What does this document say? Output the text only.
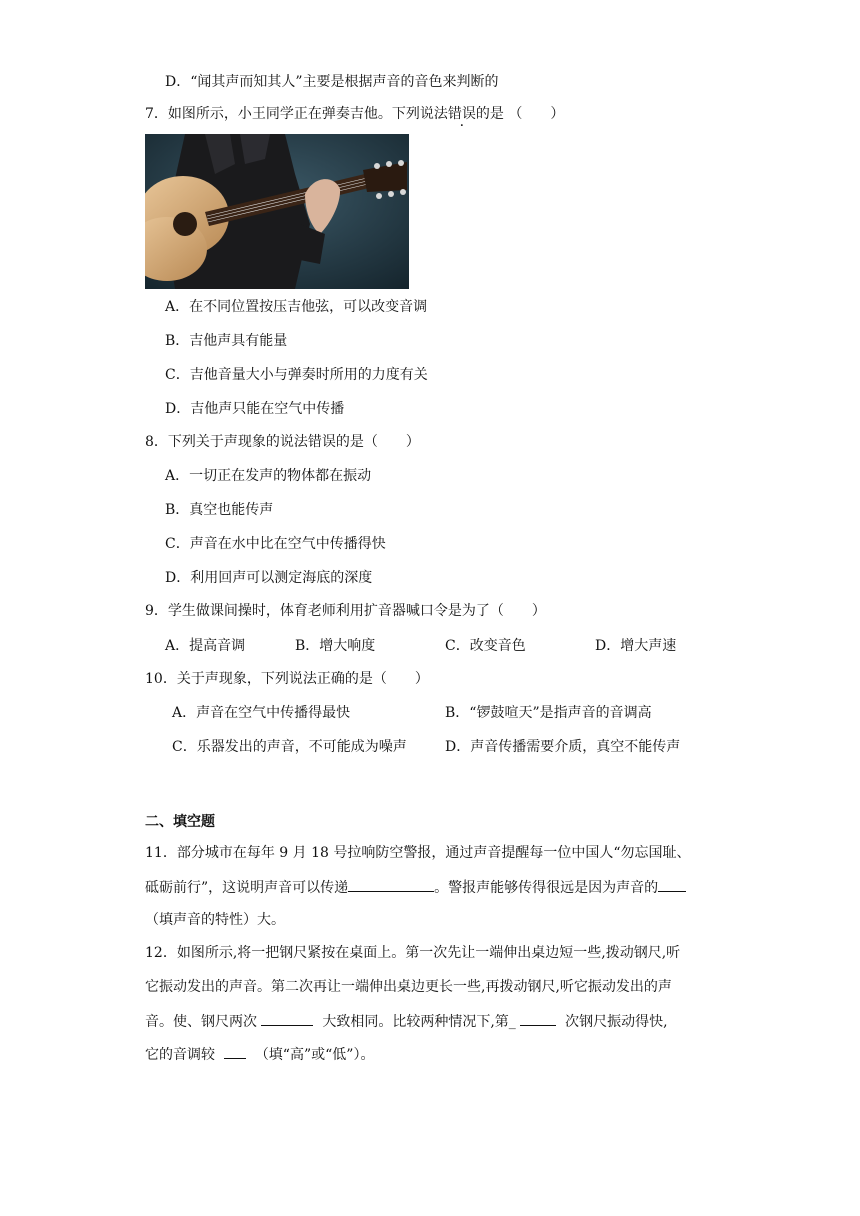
D．“闻其声而知其人”主要是根据声音的音色来判断的
7．如图所示，小王同学正在弹奏吉他。下列说法错误的是 （　　）
A．在不同位置按压吉他弦，可以改变音调
B．吉他声具有能量
C．吉他音量大小与弹奏时所用的力度有关
D．吉他声只能在空气中传播
8．下列关于声现象的说法错误的是（　　）
A．一切正在发声的物体都在振动
B．真空也能传声
C．声音在水中比在空气中传播得快
D．利用回声可以测定海底的深度
9．学生做课间操时，体育老师利用扩音器喊口令是为了（　　）
A．提高音调	B．增大响度	C．改变音色	D．增大声速
10．关于声现象，下列说法正确的是（　　）
A．声音在空气中传播得最快	B．“锣鼓喧天”是指声音的音调高
C．乐器发出的声音，不可能成为噪声	D．声音传播需要介质，真空不能传声
二、填空题
11．部分城市在每年 9 月 18 号拉响防空警报，通过声音提醒每一位中国人“勿忘国耻、
砥砺前行”，这说明声音可以传递	。警报声能够传得很远是因为声音的
（填声音的特性）大。
12．如图所示,将一把钢尺紧按在桌面上。第一次先让一端伸出桌边短一些,拨动钢尺,听
它振动发出的声音。第二次再让一端伸出桌边更长一些,再拨动钢尺,听它振动发出的声
音。使、钢尺两次	大致相同。比较两种情况下,第_	次钢尺振动得快,
它的音调较	（填“高”或“低”）。
